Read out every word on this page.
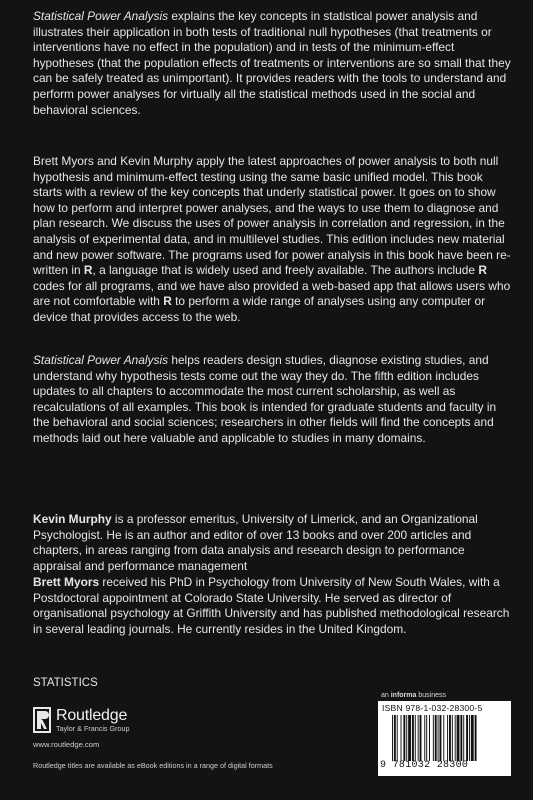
Statistical Power Analysis explains the key concepts in statistical power analysis and illustrates their application in both tests of traditional null hypotheses (that treatments or interventions have no effect in the population) and in tests of the minimum-effect hypotheses (that the population effects of treatments or interventions are so small that they can be safely treated as unimportant). It provides readers with the tools to understand and perform power analyses for virtually all the statistical methods used in the social and behavioral sciences.

Brett Myors and Kevin Murphy apply the latest approaches of power analysis to both null hypothesis and minimum-effect testing using the same basic unified model. This book starts with a review of the key concepts that underly statistical power. It goes on to show how to perform and interpret power analyses, and the ways to use them to diagnose and plan research. We discuss the uses of power analysis in correlation and regression, in the analysis of experimental data, and in multilevel studies. This edition includes new material and new power software. The programs used for power analysis in this book have been re-written in R, a language that is widely used and freely available. The authors include R codes for all programs, and we have also provided a web-based app that allows users who are not comfortable with R to perform a wide range of analyses using any computer or device that provides access to the web.

Statistical Power Analysis helps readers design studies, diagnose existing studies, and understand why hypothesis tests come out the way they do. The fifth edition includes updates to all chapters to accommodate the most current scholarship, as well as recalculations of all examples. This book is intended for graduate students and faculty in the behavioral and social sciences; researchers in other fields will find the concepts and methods laid out here valuable and applicable to studies in many domains.

Kevin Murphy is a professor emeritus, University of Limerick, and an Organizational Psychologist. He is an author and editor of over 13 books and over 200 articles and chapters, in areas ranging from data analysis and research design to performance appraisal and performance management
Brett Myors received his PhD in Psychology from University of New South Wales, with a Postdoctoral appointment at Colorado State University. He served as director of organisational psychology at Griffith University and has published methodological research in several leading journals. He currently resides in the United Kingdom.
STATISTICS
Routledge
Taylor & Francis Group
www.routledge.com
Routledge titles are available as eBook editions in a range of digital formats
an informa business
ISBN 978-1-032-28300-5
9 781032 28300
